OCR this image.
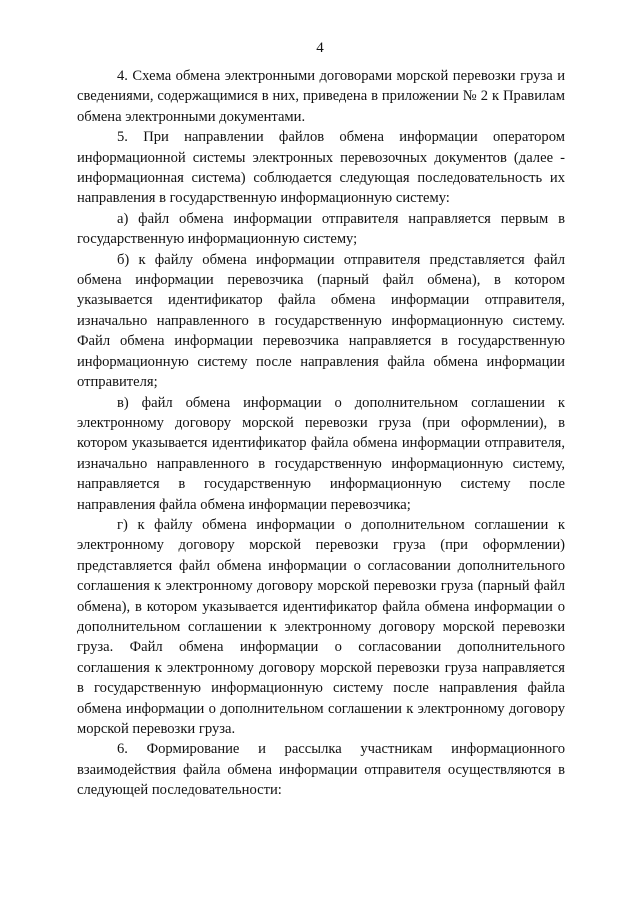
4

4. Схема обмена электронными договорами морской перевозки груза и сведениями, содержащимися в них, приведена в приложении № 2 к Правилам обмена электронными документами.

5. При направлении файлов обмена информации оператором информационной системы электронных перевозочных документов (далее - информационная система) соблюдается следующая последовательность их направления в государственную информационную систему:

а) файл обмена информации отправителя направляется первым в государственную информационную систему;

б) к файлу обмена информации отправителя представляется файл обмена информации перевозчика (парный файл обмена), в котором указывается идентификатор файла обмена информации отправителя, изначально направленного в государственную информационную систему. Файл обмена информации перевозчика направляется в государственную информационную систему после направления файла обмена информации отправителя;

в) файл обмена информации о дополнительном соглашении к электронному договору морской перевозки груза (при оформлении), в котором указывается идентификатор файла обмена информации отправителя, изначально направленного в государственную информационную систему, направляется в государственную информационную систему после направления файла обмена информации перевозчика;

г) к файлу обмена информации о дополнительном соглашении к электронному договору морской перевозки груза (при оформлении) представляется файл обмена информации о согласовании дополнительного соглашения к электронному договору морской перевозки груза (парный файл обмена), в котором указывается идентификатор файла обмена информации о дополнительном соглашении к электронному договору морской перевозки груза. Файл обмена информации о согласовании дополнительного соглашения к электронному договору морской перевозки груза направляется в государственную информационную систему после направления файла обмена информации о дополнительном соглашении к электронному договору морской перевозки груза.

6. Формирование и рассылка участникам информационного взаимодействия файла обмена информации отправителя осуществляются в следующей последовательности:
